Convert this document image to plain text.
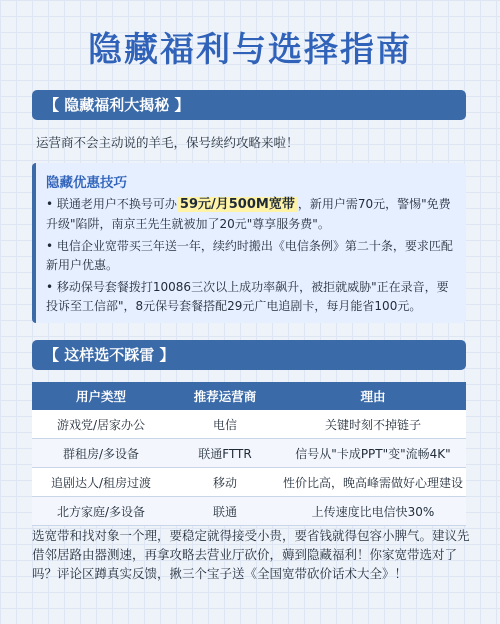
隐藏福利与选择指南
【 隐藏福利大揭秘 】
运营商不会主动说的羊毛，保号续约攻略来啦！
隐藏优惠技巧
• 联通老用户不换号可办 59元/月500M宽带 ，新用户需70元，警惕"免费升级"陷阱，南京王先生就被加了20元"尊享服务费"。
• 电信企业宽带买三年送一年，续约时搬出《电信条例》第二十条，要求匹配新用户优惠。
• 移动保号套餐拨打10086三次以上成功率飙升，被拒就威胁"正在录音，要投诉至工信部"，8元保号套餐搭配29元广电追剧卡，每月能省100元。
【 这样选不踩雷 】
用户类型	推荐运营商	理由
游戏党/居家办公	电信	关键时刻不掉链子
群租房/多设备	联通FTTR	信号从"卡成PPT"变"流畅4K"
追剧达人/租房过渡	移动	性价比高，晚高峰需做好心理建设
北方家庭/多设备	联通	上传速度比电信快30%
选宽带和找对象一个理，要稳定就得接受小贵，要省钱就得包容小脾气。建议先借邻居路由器测速，再拿攻略去营业厅砍价，薅到隐藏福利！你家宽带选对了吗？评论区蹲真实反馈，揪三个宝子送《全国宽带砍价话术大全》！
